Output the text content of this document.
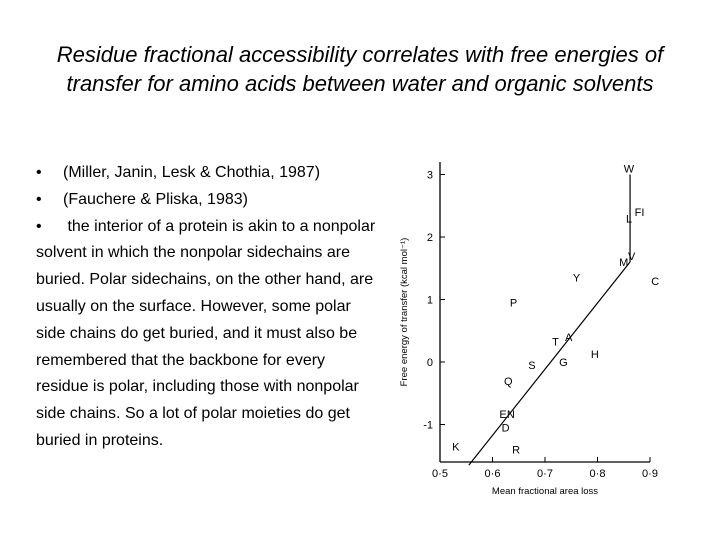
Residue fractional accessibility correlates with free energies of transfer for amino acids between water and organic solvents

• (Miller, Janin, Lesk & Chothia, 1987)

• (Fauchere & Pliska, 1983)

• the interior of a protein is akin to a nonpolar solvent in which the nonpolar sidechains are buried. Polar sidechains, on the other hand, are usually on the surface. However, some polar side chains do get buried, and it must also be remembered that the backbone for every residue is polar, including those with nonpolar side chains. So a lot of polar moieties do get buried in proteins.

0·5	0·6	0·7	0·8	0·9
3
2
1
0
-1
W
FI
L
M
V
C
Y
P
A
T
H
G
S
Q
E N
D
R
K
Mean fractional area loss
Free energy of transfer (kcal mol⁻¹)
